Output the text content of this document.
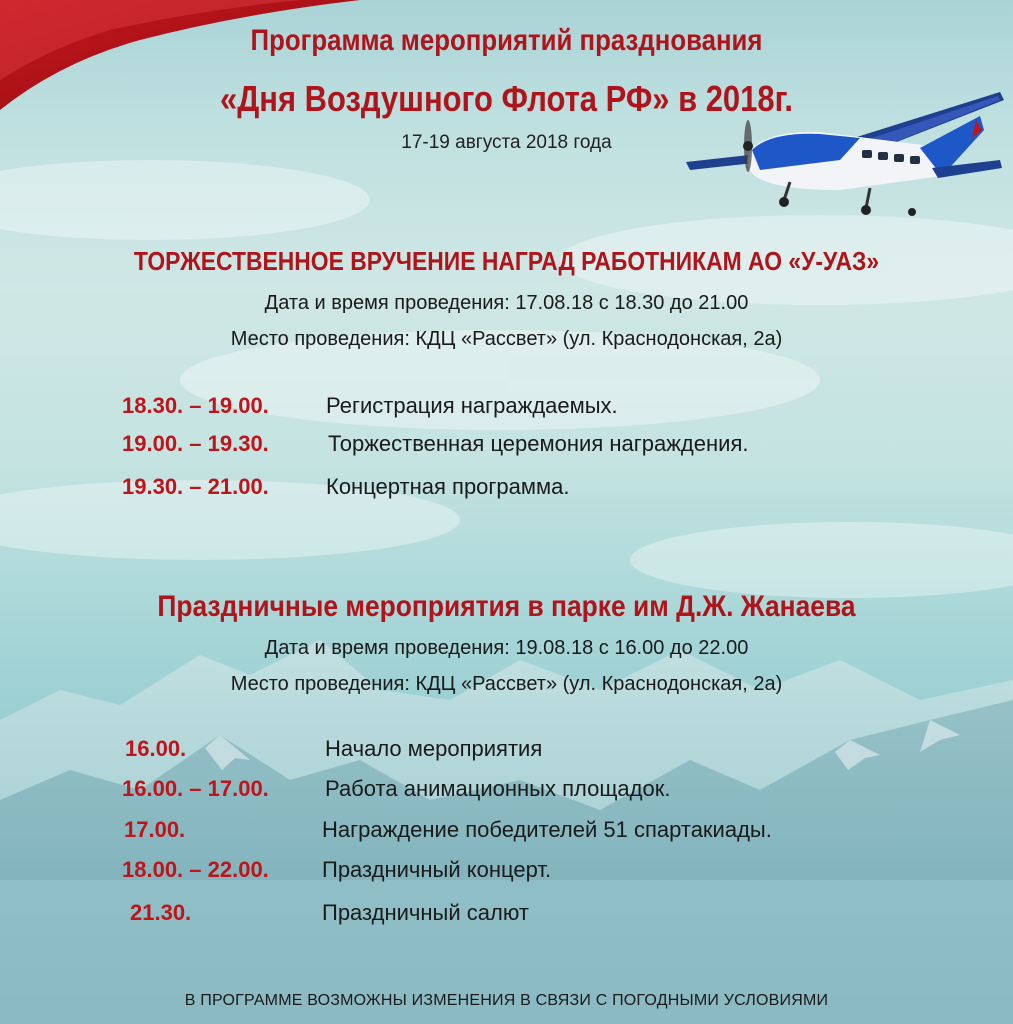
Программа мероприятий празднования
«Дня Воздушного Флота РФ» в 2018г.
17-19 августа 2018 года
ТОРЖЕСТВЕННОЕ ВРУЧЕНИЕ НАГРАД РАБОТНИКАМ АО «У-УАЗ»
Дата и время проведения: 17.08.18 с 18.30 до 21.00
Место проведения: КДЦ «Рассвет» (ул. Краснодонская, 2а)
18.30. – 19.00.	Регистрация награждаемых.
19.00. – 19.30.	Торжественная церемония награждения.
19.30. – 21.00.	Концертная программа.
Праздничные мероприятия в парке им Д.Ж. Жанаева
Дата и время проведения: 19.08.18 с 16.00 до 22.00
Место проведения: КДЦ «Рассвет» (ул. Краснодонская, 2а)
16.00.	Начало мероприятия
16.00. – 17.00.	Работа анимационных площадок.
17.00.	Награждение победителей 51 спартакиады.
18.00. – 22.00. Праздничный концерт.
21.30.	Праздничный салют
В ПРОГРАММЕ ВОЗМОЖНЫ ИЗМЕНЕНИЯ В СВЯЗИ С ПОГОДНЫМИ УСЛОВИЯМИ
